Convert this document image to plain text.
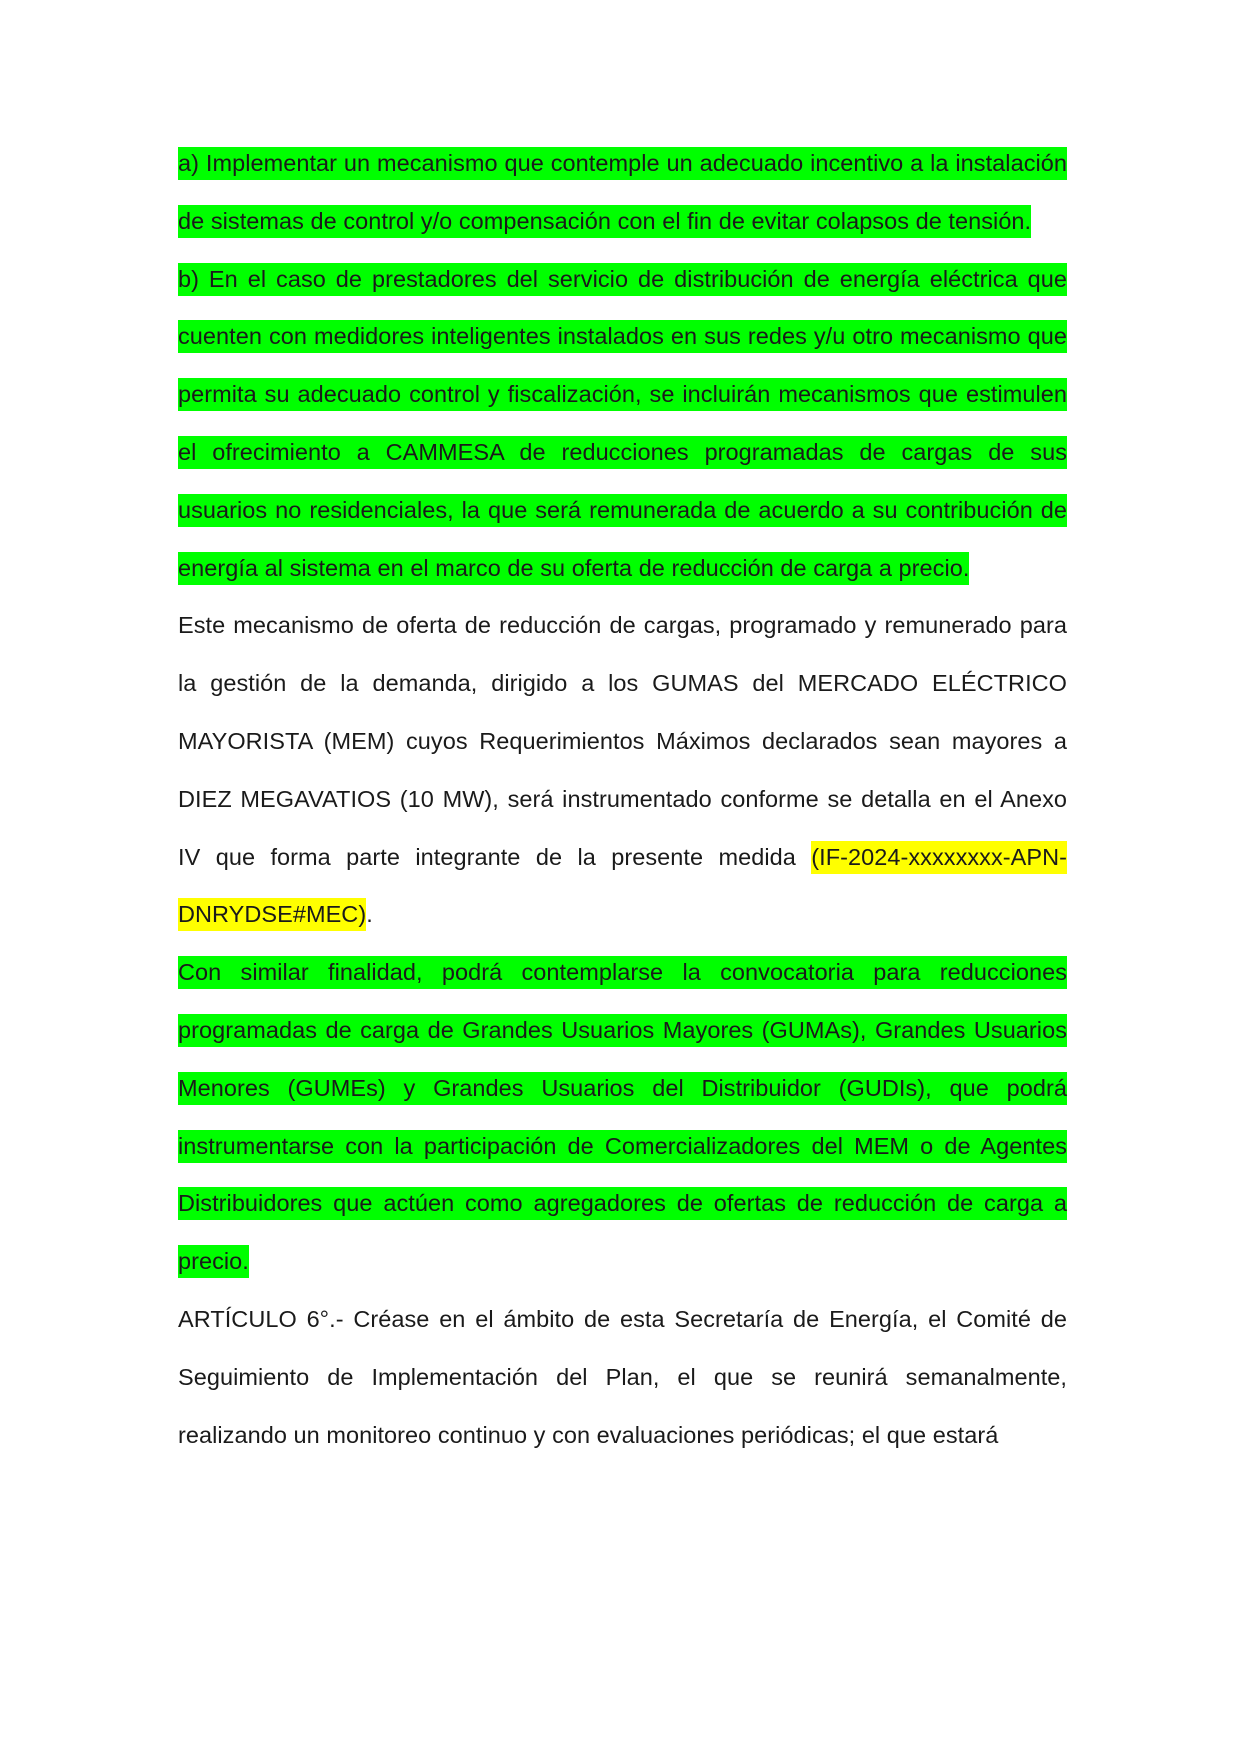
a) Implementar un mecanismo que contemple un adecuado incentivo a la instalación de sistemas de control y/o compensación con el fin de evitar colapsos de tensión.

b) En el caso de prestadores del servicio de distribución de energía eléctrica que cuenten con medidores inteligentes instalados en sus redes y/u otro mecanismo que permita su adecuado control y fiscalización, se incluirán mecanismos que estimulen el ofrecimiento a CAMMESA de reducciones programadas de cargas de sus usuarios no residenciales, la que será remunerada de acuerdo a su contribución de energía al sistema en el marco de su oferta de reducción de carga a precio.

Este mecanismo de oferta de reducción de cargas, programado y remunerado para la gestión de la demanda, dirigido a los GUMAS del MERCADO ELÉCTRICO MAYORISTA (MEM) cuyos Requerimientos Máximos declarados sean mayores a DIEZ MEGAVATIOS (10 MW), será instrumentado conforme se detalla en el Anexo IV que forma parte integrante de la presente medida (IF-2024-xxxxxxxx-APN-DNRYDSE#MEC).

Con similar finalidad, podrá contemplarse la convocatoria para reducciones programadas de carga de Grandes Usuarios Mayores (GUMAs), Grandes Usuarios Menores (GUMEs) y Grandes Usuarios del Distribuidor (GUDIs), que podrá instrumentarse con la participación de Comercializadores del MEM o de Agentes Distribuidores que actúen como agregadores de ofertas de reducción de carga a precio.

ARTÍCULO 6°.- Créase en el ámbito de esta Secretaría de Energía, el Comité de Seguimiento de Implementación del Plan, el que se reunirá semanalmente, realizando un monitoreo continuo y con evaluaciones periódicas; el que estará
